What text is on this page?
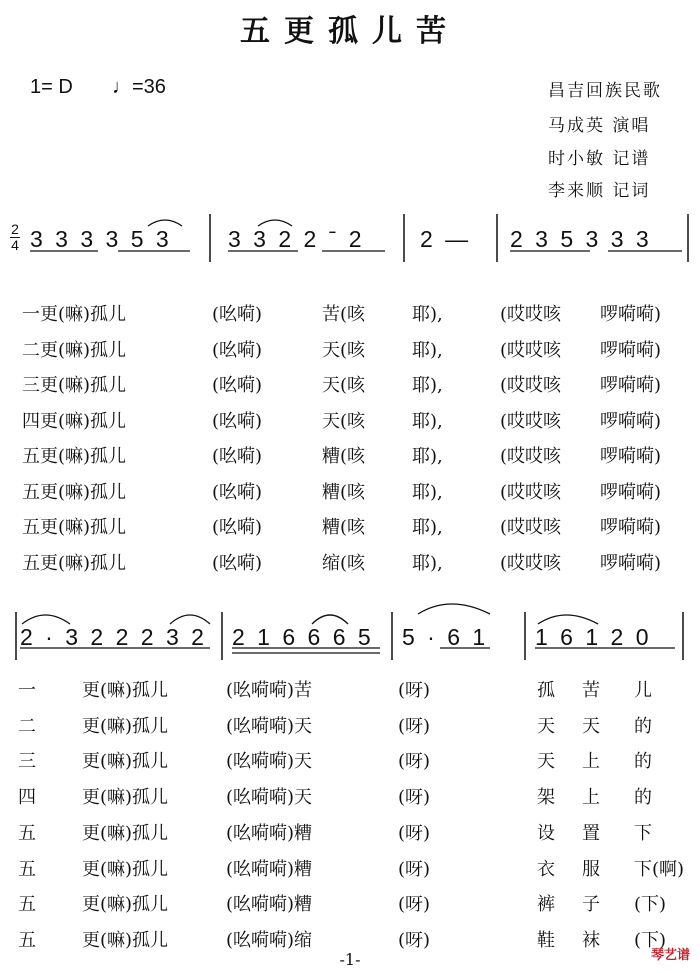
五更孤儿苦
1= D ♩=36	昌吉回族民歌
马成英 演唱
时小敏 记谱
李来顺 记词
2
4 3 3 3 3 5 3 3 3 2 2 ˉ 2 2 — 2 3 5 3 3 3
2 · 3 2 2 2 3 2 2 1 6 6 6 5 5 · 6 1 1 6 1 2 0
一更(嘛)孤儿	(吆嗬)	苦(咳	耶),	(哎哎咳 啰嗬嗬)
二更(嘛)孤儿	(吆嗬)	天(咳	耶),	(哎哎咳 啰嗬嗬)
三更(嘛)孤儿	(吆嗬)	天(咳	耶),	(哎哎咳 啰嗬嗬)
四更(嘛)孤儿	(吆嗬)	天(咳	耶),	(哎哎咳 啰嗬嗬)
五更(嘛)孤儿	(吆嗬)	糟(咳	耶),	(哎哎咳 啰嗬嗬)
五更(嘛)孤儿	(吆嗬)	糟(咳	耶),	(哎哎咳 啰嗬嗬)
五更(嘛)孤儿	(吆嗬)	糟(咳	耶),	(哎哎咳 啰嗬嗬)
五更(嘛)孤儿	(吆嗬)	缩(咳	耶),	(哎哎咳 啰嗬嗬)
一	更(嘛)孤儿	(吆嗬嗬)苦	(呀)	孤 苦 儿
二	更(嘛)孤儿	(吆嗬嗬)天	(呀)	天 天 的
三	更(嘛)孤儿	(吆嗬嗬)天	(呀)	天 上 的
四	更(嘛)孤儿	(吆嗬嗬)天	(呀)	架 上 的
五	更(嘛)孤儿	(吆嗬嗬)糟	(呀)	设 置 下
五	更(嘛)孤儿	(吆嗬嗬)糟	(呀)	衣 服 下(啊)
五	更(嘛)孤儿	(吆嗬嗬)糟	(呀)	裤 子 (下)
五	更(嘛)孤儿	(吆嗬嗬)缩	(呀)	鞋 袜 (下)
-1-	琴艺谱
